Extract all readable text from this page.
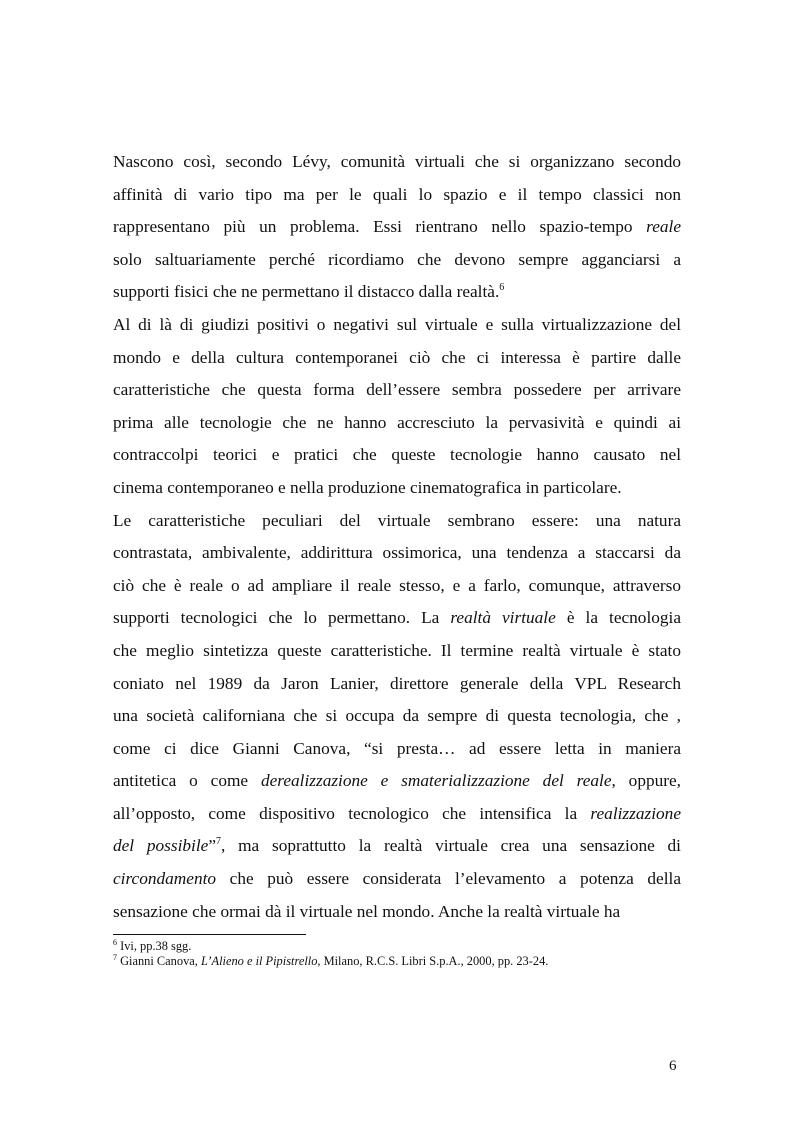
Nascono così, secondo Lévy, comunità virtuali che si organizzano secondo
affinità di vario tipo ma per le quali lo spazio e il tempo classici non
rappresentano più un problema. Essi rientrano nello spazio-tempo reale
solo saltuariamente perché ricordiamo che devono sempre agganciarsi a
supporti fisici che ne permettano il distacco dalla realtà.$^6$
Al di là di giudizi positivi o negativi sul virtuale e sulla virtualizzazione del
mondo e della cultura contemporanei ciò che ci interessa è partire dalle
caratteristiche che questa forma dell’essere sembra possedere per arrivare
prima alle tecnologie che ne hanno accresciuto la pervasività e quindi ai
contraccolpi teorici e pratici che queste tecnologie hanno causato nel
cinema contemporaneo e nella produzione cinematografica in particolare.
Le caratteristiche peculiari del virtuale sembrano essere: una natura
contrastata, ambivalente, addirittura ossimorica, una tendenza a staccarsi da
ciò che è reale o ad ampliare il reale stesso, e a farlo, comunque, attraverso
supporti tecnologici che lo permettano. La realtà virtuale è la tecnologia
che meglio sintetizza queste caratteristiche. Il termine realtà virtuale è stato
coniato nel 1989 da Jaron Lanier, direttore generale della VPL Research
una società californiana che si occupa da sempre di questa tecnologia, che ,
come ci dice Gianni Canova, “si presta… ad essere letta in maniera
antitetica o come derealizzazione e smaterializzazione del reale, oppure,
all’opposto, come dispositivo tecnologico che intensifica la realizzazione
del possibile”$^7$, ma soprattutto la realtà virtuale crea una sensazione di
circondamento che può essere considerata l’elevamento a potenza della
sensazione che ormai dà il virtuale nel mondo. Anche la realtà virtuale ha
$^6$ Ivi, pp.38 sgg.
$^7$ Gianni Canova, L’Alieno e il Pipistrello, Milano, R.C.S. Libri S.p.A., 2000, pp. 23-24.
6
